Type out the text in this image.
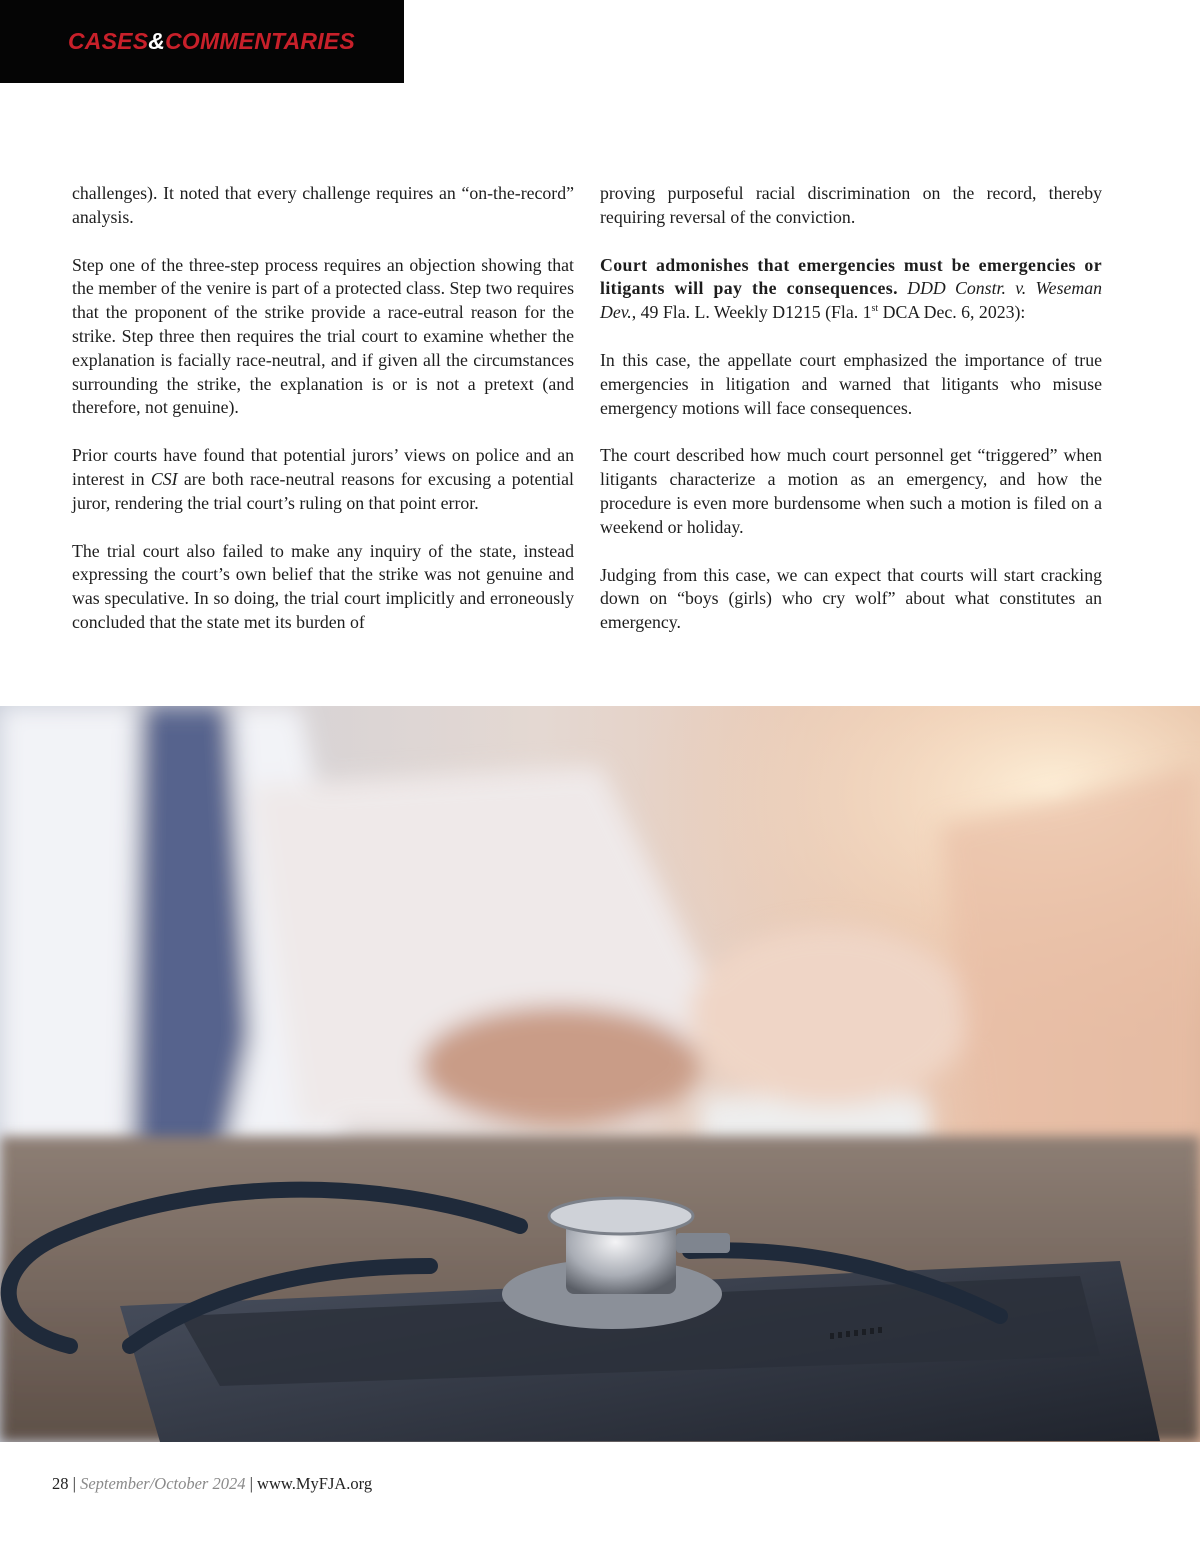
CASES&COMMENTARIES

challenges). It noted that every challenge requires an “on-the-record” analysis.

Step one of the three-step process requires an objection showing that the member of the venire is part of a protected class. Step two requires that the proponent of the strike provide a race-eutral reason for the strike. Step three then requires the trial court to examine whether the explanation is facially race-neutral, and if given all the circumstances surrounding the strike, the explanation is or is not a pretext (and therefore, not genuine).

Prior courts have found that potential jurors’ views on police and an interest in CSI are both race-neutral reasons for excusing a potential juror, rendering the trial court’s ruling on that point error.

The trial court also failed to make any inquiry of the state, instead expressing the court’s own belief that the strike was not genuine and was speculative. In so doing, the trial court implicitly and erroneously concluded that the state met its burden of

proving purposeful racial discrimination on the record, thereby requiring reversal of the conviction.

Court admonishes that emergencies must be emergencies or litigants will pay the consequences. DDD Constr. v. Weseman Dev., 49 Fla. L. Weekly D1215 (Fla. 1st DCA Dec. 6, 2023):

In this case, the appellate court emphasized the importance of true emergencies in litigation and warned that litigants who misuse emergency motions will face consequences.

The court described how much court personnel get “triggered” when litigants characterize a motion as an emergency, and how the procedure is even more burdensome when such a motion is filed on a weekend or holiday.

Judging from this case, we can expect that courts will start cracking down on “boys (girls) who cry wolf” about what constitutes an emergency.

28 | September/October 2024 | www.MyFJA.org
